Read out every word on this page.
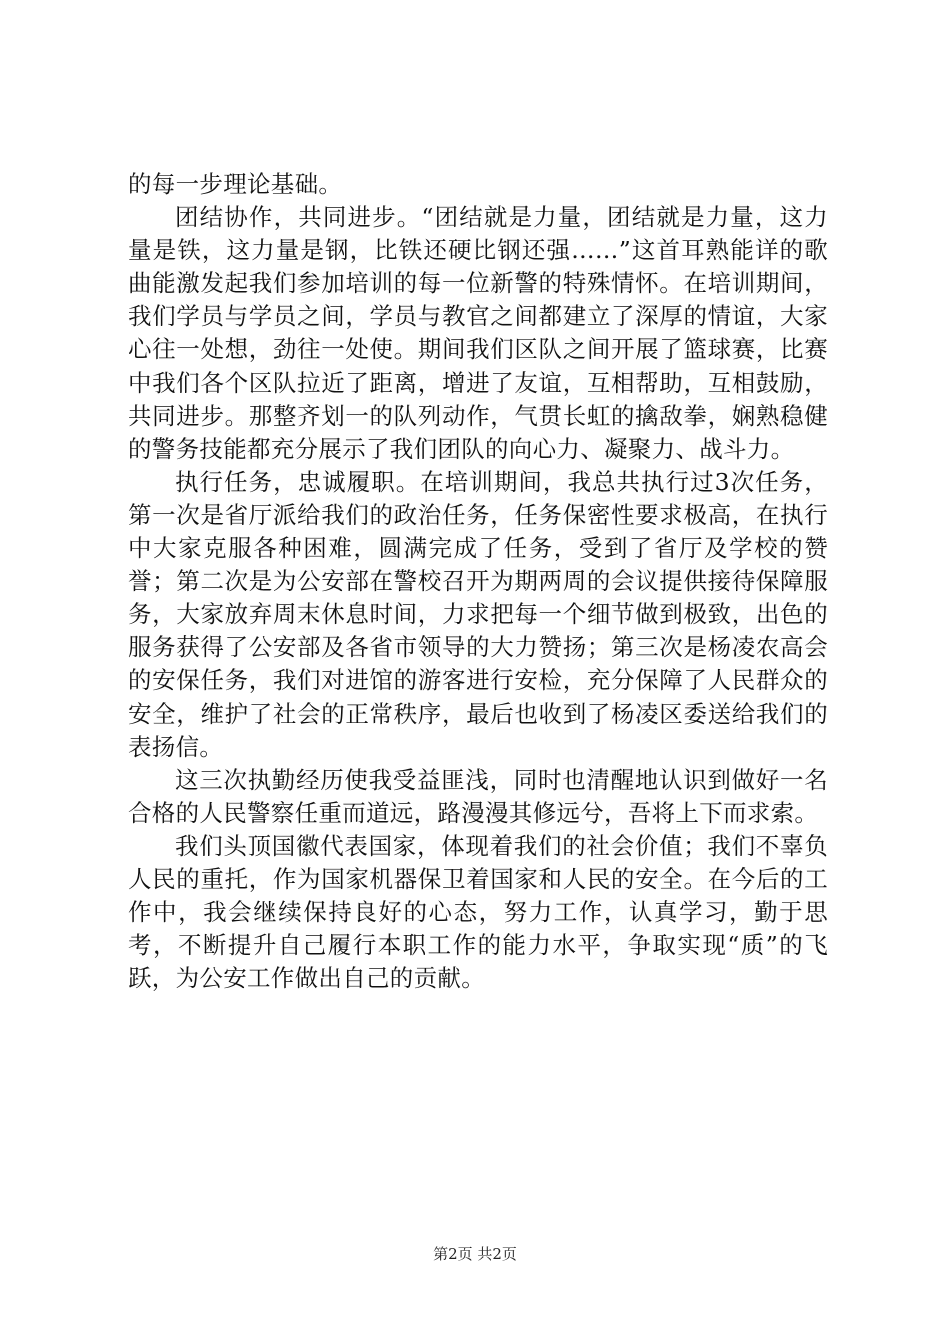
的每一步理论基础。

团结协作，共同进步。“团结就是力量，团结就是力量，这力量是铁，这力量是钢，比铁还硬比钢还强……”这首耳熟能详的歌曲能激发起我们参加培训的每一位新警的特殊情怀。在培训期间，我们学员与学员之间，学员与教官之间都建立了深厚的情谊，大家心往一处想，劲往一处使。期间我们区队之间开展了篮球赛，比赛中我们各个区队拉近了距离，增进了友谊，互相帮助，互相鼓励，共同进步。那整齐划一的队列动作，气贯长虹的擒敌拳，娴熟稳健的警务技能都充分展示了我们团队的向心力、凝聚力、战斗力。

执行任务，忠诚履职。在培训期间，我总共执行过3次任务，第一次是省厅派给我们的政治任务，任务保密性要求极高，在执行中大家克服各种困难，圆满完成了任务，受到了省厅及学校的赞誉；第二次是为公安部在警校召开为期两周的会议提供接待保障服务，大家放弃周末休息时间，力求把每一个细节做到极致，出色的服务获得了公安部及各省市领导的大力赞扬；第三次是杨凌农高会的安保任务，我们对进馆的游客进行安检，充分保障了人民群众的安全，维护了社会的正常秩序，最后也收到了杨凌区委送给我们的表扬信。

这三次执勤经历使我受益匪浅，同时也清醒地认识到做好一名合格的人民警察任重而道远，路漫漫其修远兮，吾将上下而求索。

我们头顶国徽代表国家，体现着我们的社会价值；我们不辜负人民的重托，作为国家机器保卫着国家和人民的安全。在今后的工作中，我会继续保持良好的心态，努力工作，认真学习，勤于思考，不断提升自己履行本职工作的能力水平，争取实现“质”的飞跃，为公安工作做出自己的贡献。

第2页 共2页
